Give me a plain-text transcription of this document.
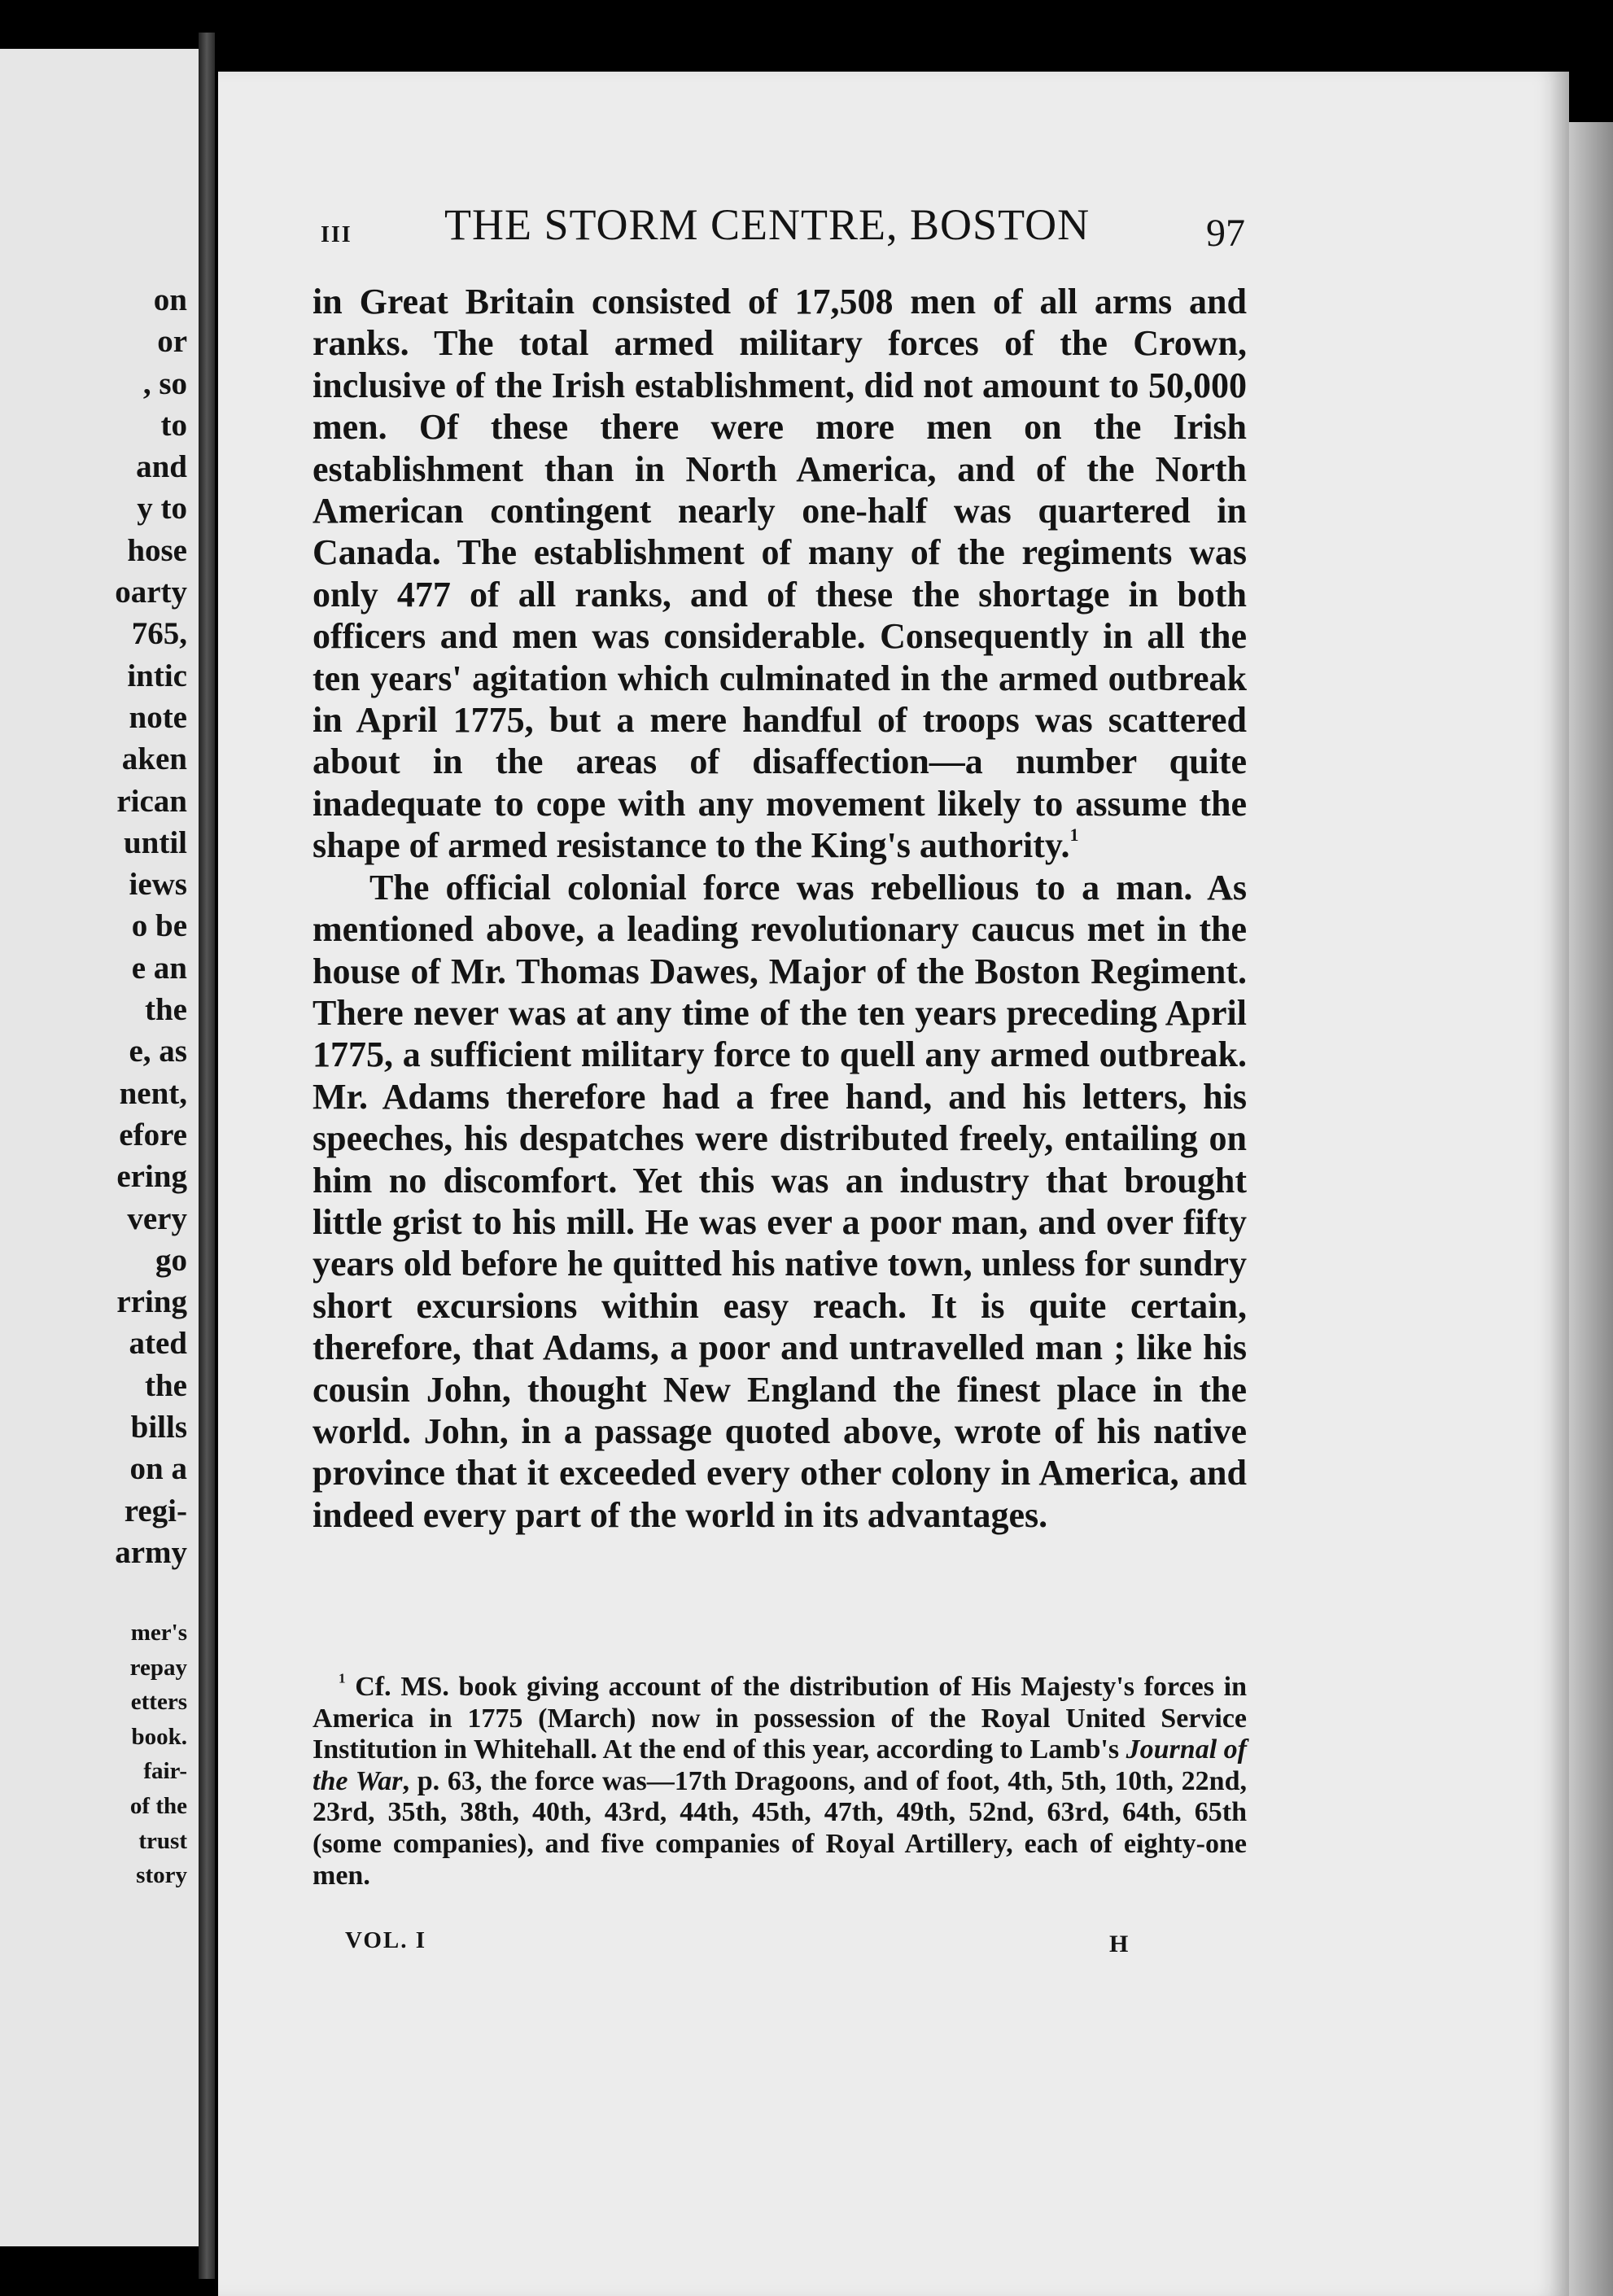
on
or
, so
to
and
y to
hose
oarty
765,
intic
note
aken
rican
until
iews
o be
e an
the
e, as
nent,
efore
ering
very
go
rring
ated
the
bills
on a
regi-
army
mer's
repay
etters
book.
fair-
of the
trust
story
III THE STORM CENTRE, BOSTON	97

in Great Britain consisted of 17,508 men of all arms and ranks. The total armed military forces of the Crown, inclusive of the Irish establishment, did not amount to 50,000 men. Of these there were more men on the Irish establishment than in North America, and of the North American contingent nearly one-half was quartered in Canada. The establishment of many of the regiments was only 477 of all ranks, and of these the shortage in both officers and men was considerable. Consequently in all the ten years' agitation which culminated in the armed outbreak in April 1775, but a mere handful of troops was scattered about in the areas of disaffection—a number quite inadequate to cope with any movement likely to assume the shape of armed resistance to the King's authority.$^1$

The official colonial force was rebellious to a man. As mentioned above, a leading revolutionary caucus met in the house of Mr. Thomas Dawes, Major of the Boston Regiment. There never was at any time of the ten years preceding April 1775, a sufficient military force to quell any armed outbreak. Mr. Adams therefore had a free hand, and his letters, his speeches, his despatches were distributed freely, entailing on him no discomfort. Yet this was an industry that brought little grist to his mill. He was ever a poor man, and over fifty years old before he quitted his native town, unless for sundry short excursions within easy reach. It is quite certain, therefore, that Adams, a poor and untravelled man ; like his cousin John, thought New England the finest place in the world. John, in a passage quoted above, wrote of his native province that it exceeded every other colony in America, and indeed every part of the world in its advantages.

$^1$ Cf. MS. book giving account of the distribution of His Majesty's forces in America in 1775 (March) now in possession of the Royal United Service Institution in Whitehall. At the end of this year, according to Lamb's Journal of the War, p. 63, the force was—17th Dragoons, and of foot, 4th, 5th, 10th, 22nd, 23rd, 35th, 38th, 40th, 43rd, 44th, 45th, 47th, 49th, 52nd, 63rd, 64th, 65th (some companies), and five companies of Royal Artillery, each of eighty-one men.

VOL. I	H
